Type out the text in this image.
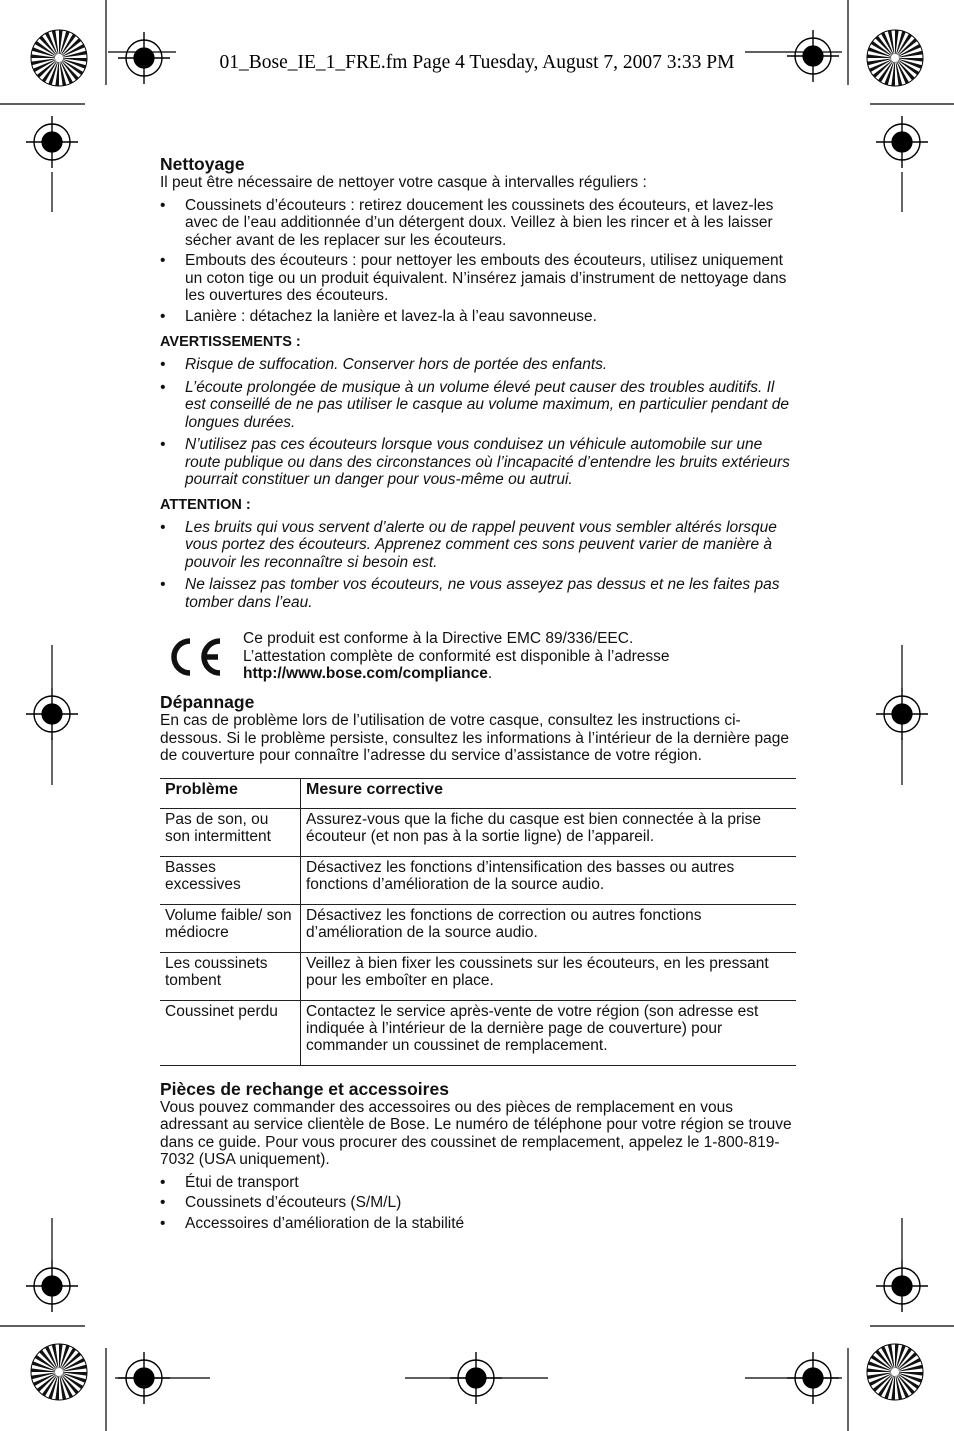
01_Bose_IE_1_FRE.fm Page 4 Tuesday, August 7, 2007 3:33 PM
Nettoyage

Il peut être nécessaire de nettoyer votre casque à intervalles réguliers :

• Coussinets d’écouteurs : retirez doucement les coussinets des écouteurs, et lavez-les avec de l’eau additionnée d’un détergent doux. Veillez à bien les rincer et à les laisser sécher avant de les replacer sur les écouteurs.
• Embouts des écouteurs : pour nettoyer les embouts des écouteurs, utilisez uniquement un coton tige ou un produit équivalent. N’insérez jamais d’instrument de nettoyage dans les ouvertures des écouteurs.
• Lanière : détachez la lanière et lavez-la à l’eau savonneuse.
AVERTISSEMENTS :
• Risque de suffocation. Conserver hors de portée des enfants.
• L’écoute prolongée de musique à un volume élevé peut causer des troubles auditifs. Il est conseillé de ne pas utiliser le casque au volume maximum, en particulier pendant de longues durées.
• N’utilisez pas ces écouteurs lorsque vous conduisez un véhicule automobile sur une route publique ou dans des circonstances où l’incapacité d’entendre les bruits extérieurs pourrait constituer un danger pour vous-même ou autrui.
ATTENTION :
• Les bruits qui vous servent d’alerte ou de rappel peuvent vous sembler altérés lorsque vous portez des écouteurs. Apprenez comment ces sons peuvent varier de manière à pouvoir les reconnaître si besoin est.
• Ne laissez pas tomber vos écouteurs, ne vous asseyez pas dessus et ne les faites pas tomber dans l’eau.
Ce produit est conforme à la Directive EMC 89/336/EEC.
L’attestation complète de conformité est disponible à l’adresse
http://www.bose.com/compliance.
Dépannage

En cas de problème lors de l’utilisation de votre casque, consultez les instructions ci-dessous. Si le problème persiste, consultez les informations à l’intérieur de la dernière page de couverture pour connaître l’adresse du service d’assistance de votre région.

Problème	Mesure corrective
Pas de son, ou son intermittent	Assurez-vous que la fiche du casque est bien connectée à la prise écouteur (et non pas à la sortie ligne) de l’appareil.
Basses excessives	Désactivez les fonctions d’intensification des basses ou autres fonctions d’amélioration de la source audio.
Volume faible/ son médiocre	Désactivez les fonctions de correction ou autres fonctions d’amélioration de la source audio.
Les coussinets tombent	Veillez à bien fixer les coussinets sur les écouteurs, en les pressant pour les emboîter en place.
Coussinet perdu	Contactez le service après-vente de votre région (son adresse est indiquée à l’intérieur de la dernière page de couverture) pour commander un coussinet de remplacement.
Pièces de rechange et accessoires

Vous pouvez commander des accessoires ou des pièces de remplacement en vous adressant au service clientèle de Bose. Le numéro de téléphone pour votre région se trouve dans ce guide. Pour vous procurer des coussinet de remplacement, appelez le 1-800-819-7032 (USA uniquement).

• Étui de transport
• Coussinets d’écouteurs (S/M/L)
• Accessoires d’amélioration de la stabilité
